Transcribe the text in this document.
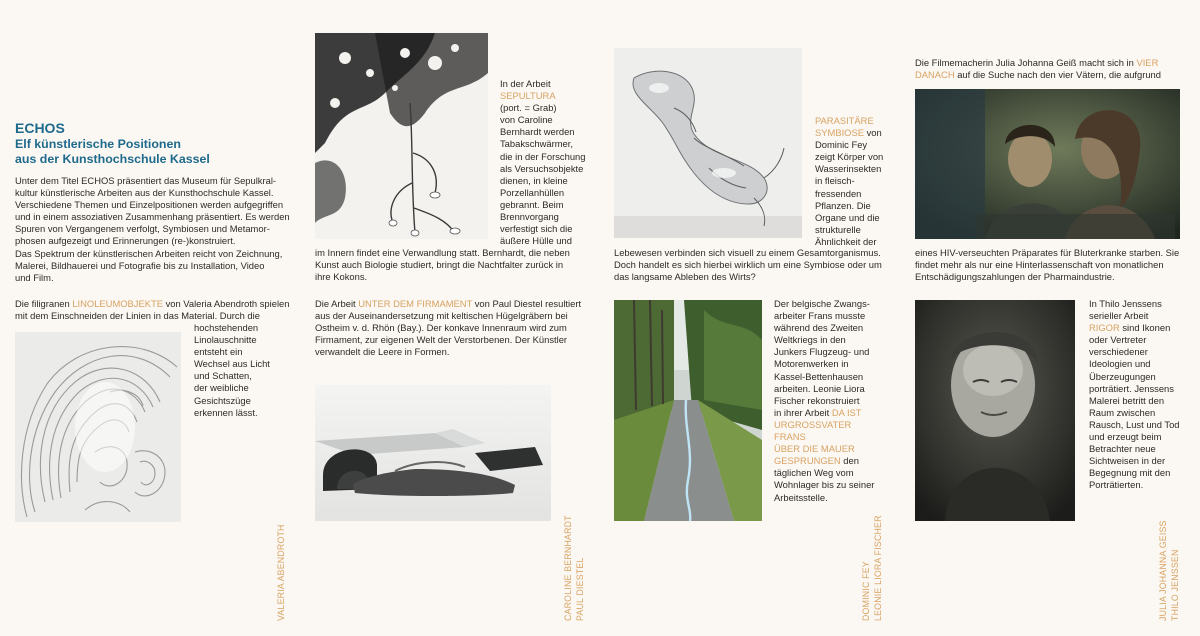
ECHOS
Elf künstlerische Positionen
aus der Kunsthochschule Kassel
Unter dem Titel ECHOS präsentiert das Museum für Sepulkral-
kultur künstlerische Arbeiten aus der Kunsthochschule Kassel.
Verschiedene Themen und Einzelpositionen werden aufgegriffen
und in einem assoziativen Zusammenhang präsentiert. Es werden
Spuren von Vergangenem verfolgt, Symbiosen und Metamor-
phosen aufgezeigt und Erinnerungen (re-)konstruiert.
Das Spektrum der künstlerischen Arbeiten reicht von Zeichnung,
Malerei, Bildhauerei und Fotografie bis zu Installation, Video
und Film.
Die filigranen LINOLEUMOBJEKTE von Valeria Abendroth spielen
mit dem Einschneiden der Linien in das Material. Durch die
hochstehenden
Linolauschnitte
entsteht ein
Wechsel aus Licht
und Schatten,
der weibliche
Gesichtszüge
erkennen lässt.
VALERIA ABENDROTH
In der Arbeit
SEPULTURA
(port. = Grab)
von Caroline
Bernhardt werden
Tabakschwärmer,
die in der Forschung
als Versuchsobjekte
dienen, in kleine
Porzellanhüllen
gebrannt. Beim
Brennvorgang
verfestigt sich die
äußere Hülle und
im Innern findet eine Verwandlung statt. Bernhardt, die neben
Kunst auch Biologie studiert, bringt die Nachtfalter zurück in
ihre Kokons.
Die Arbeit UNTER DEM FIRMAMENT von Paul Diestel resultiert
aus der Auseinandersetzung mit keltischen Hügelgräbern bei
Ostheim v. d. Rhön (Bay.). Der konkave Innenraum wird zum
Firmament, zur eigenen Welt der Verstorbenen. Der Künstler
verwandelt die Leere in Formen.
CAROLINE BERNHARDT PAUL DIESTEL
PARASITÄRE
SYMBIOSE von
Dominic Fey
zeigt Körper von
Wasserinsekten
in fleisch-
fressenden
Pflanzen. Die
Organe und die
strukturelle
Ähnlichkeit der
Lebewesen verbinden sich visuell zu einem Gesamtorganismus.
Doch handelt es sich hierbei wirklich um eine Symbiose oder um
das langsame Ableben des Wirts?
Der belgische Zwangs-
arbeiter Frans musste
während des Zweiten
Weltkriegs in den
Junkers Flugzeug- und
Motorenwerken in
Kassel-Bettenhausen
arbeiten. Leonie Liora
Fischer rekonstruiert
in ihrer Arbeit DA IST
URGROSSVATER FRANS
ÜBER DIE MAUER
GESPRUNGEN den
täglichen Weg vom
Wohnlager bis zu seiner
Arbeitsstelle.
DOMINIC FEY LEONIE LIORA FISCHER
Die Filmemacherin Julia Johanna Geiß macht sich in VIER
DANACH auf die Suche nach den vier Vätern, die aufgrund
eines HIV-verseuchten Präparates für Bluterkranke starben. Sie
findet mehr als nur eine Hinterlassenschaft von monatlichen
Entschädigungszahlungen der Pharmaindustrie.
In Thilo Jenssens
serieller Arbeit
RIGOR sind Ikonen
oder Vertreter
verschiedener
Ideologien und
Überzeugungen
porträtiert. Jenssens
Malerei betritt den
Raum zwischen
Rausch, Lust und Tod
und erzeugt beim
Betrachter neue
Sichtweisen in der
Begegnung mit den
Porträtierten.
JULIA JOHANNA GEISS THILO JENSSEN
